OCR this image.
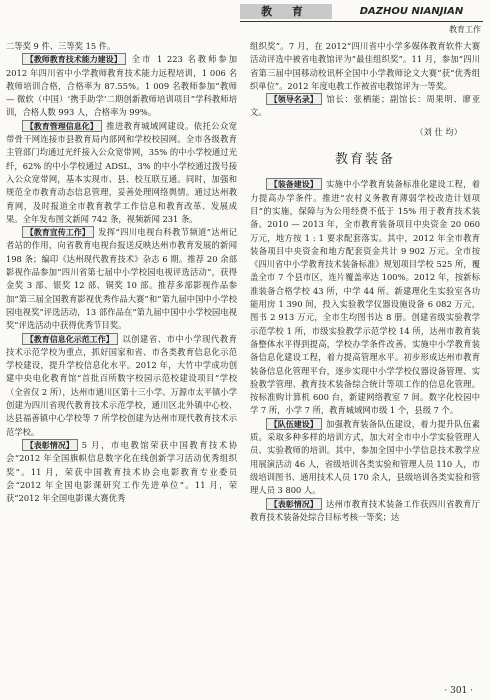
教 育	DAZHOU NIANJIAN
教育工作

二等奖 9 件、三等奖 15 件。

【 教师教育技术能力建设 】 全市 1 223 名教师参加 2012 年四川省中小学教师教育技术能力远程培训，1 006 名教师培训合格，合格率为 87.55%。1 009 名教师参加“教师 — 微软（中国）‘携手助学’二期创新教师培训项目”学科教师培训，合格人数 993 人，合格率为 99%。

【 教育管理信息化 】 推进教育城域网建设。依托公众宽带骨干网连接市县教育局内部网和学校校园网。全市各级教育主管部门均通过光纤接入公众宽带网，35% 的中小学校通过光纤，62% 的中小学校通过 ADSL，3% 的中小学校通过拨号接入公众宽带网，基本实现市、县、校互联互通。同时，加强和规范全市教育动态信息管理，妥善处理网络舆情。通过达州教育网，及时报道全市教育教学工作信息和教育改革、发展成果。全年发布图文新闻 742 条，视频新闻 231 条。

【 教育宣传工作 】 发挥“四川电视台科教节频道”达州记者站的作用，向省教育电视台报送反映达州市教育发展的新闻 198 条；编印《达州现代教育技术》杂志 6 期。推荐 20 余部影视作品参加“四川省第七届中小学校园电视评选活动”，获得金奖 3 部、银奖 12 部、铜奖 10 部。推荐多部影视作品参加“第三届全国教育影视优秀作品大赛”和“第九届中国中小学校园电视奖”评选活动，13 部作品在“第九届中国中小学校园电视奖”评选活动中获得优秀节目奖。

【 教育信息化示范工作 】 以创建省、市中小学现代教育技术示范学校为重点，抓好国家和省、市各类教育信息化示范学校建设，提升学校信息化水平。2012 年，大竹中学成功创建中央电化教育馆“首批百所数字校园示范校建设项目”学校（全省仅 2 所），达州市通川区第十三小学、万源市太平镇小学创建为四川省现代教育技术示范学校，通川区北外镇中心校、达县福善镇中心学校等 7 所学校创建为达州市现代教育技术示范学校。

【 表彰情况 】 5 月，市电教馆荣获中国教育技术协会“2012 年全国旗帜信息数字化在线创新学习活动优秀组织奖”。11 月，荣获中国教育技术协会电影教育专业委员会“2012 年全国电影课研究工作先进单位”。11 月，荣获“2012 年全国电影课大赛优秀

组织奖”。7 月，在 2012“四川省中小学多媒体教育软件大赛活动评选中被省电教馆评为”最佳组织奖”。11 月，参加“四川省第三届中国移动校讯杯全国中小学教师论文大赛”获“优秀组织单位”。2012 年度电教工作被省电教馆评为一等奖。

【 领导名录 】 馆长：张栖能；副馆长：周果明、廖亚文。

（刘 仕 均）
教育装备

【 装备建设 】 实施中小学教育装备标准化建设工程，着力提高办学条件。推进“农村义务教育薄弱学校改造计划项目”的实施，保障与为公用经费不低于 15% 用于教育技术装备。2010 — 2013 年，全市教育装备项目中央资金 20 060 万元，地方按 1 : 1 要求配套落实。其中，2012 年全市教育装备项目中央资金和地方配套资金共计 9 902 万元。全市按《四川省中小学教育技术装备标准》规划项目学校 525 所，覆盖全市 7 个县市区，连片覆盖率达 100%。2012 年，按新标准装备合格学校 43 所，中学 44 所。新建理化生实验室各功能用房 1 390 间，投入实验教学仪器设施设备 6 082 万元，图书 2 913 万元，全市生均图书达 8 册。创建省级实验教学示范学校 1 所，市级实验教学示范学校 14 所，达州市教育装备整体水平得到提高，学校办学条件改善。实施中小学教育装备信息化建设工程，着力提高管理水平。初步形成达州市教育装备信息化管理平台，逐步实现中小学学校仪器设备管理、实验教学管理、教育技术装备综合统计等项工作的信息化管理。按标准购计算机 600 台，新建网络教室 7 间。数字化校园中学 7 所，小学 7 所，教育城域网市级 1 个，县级 7 个。

【 队伍建设 】 加强教育装备队伍建设，着力提升队伍素质。采取多种多样的培训方式，加大对全市中小学实验管理人员、实验教师的培训。其中，参加全国中小学信息技术教学应用展演活动 46 人，省级培训各类实验和管理人员 110 人，市级培训图书、通用技术人员 170 余人，县级培训各类实验和管理人员 3 800 人。

【 表彰情况 】 达州市教育技术装备工作获四川省教育厅教育技术装备处综合目标考核一等奖；达

· 301 ·
